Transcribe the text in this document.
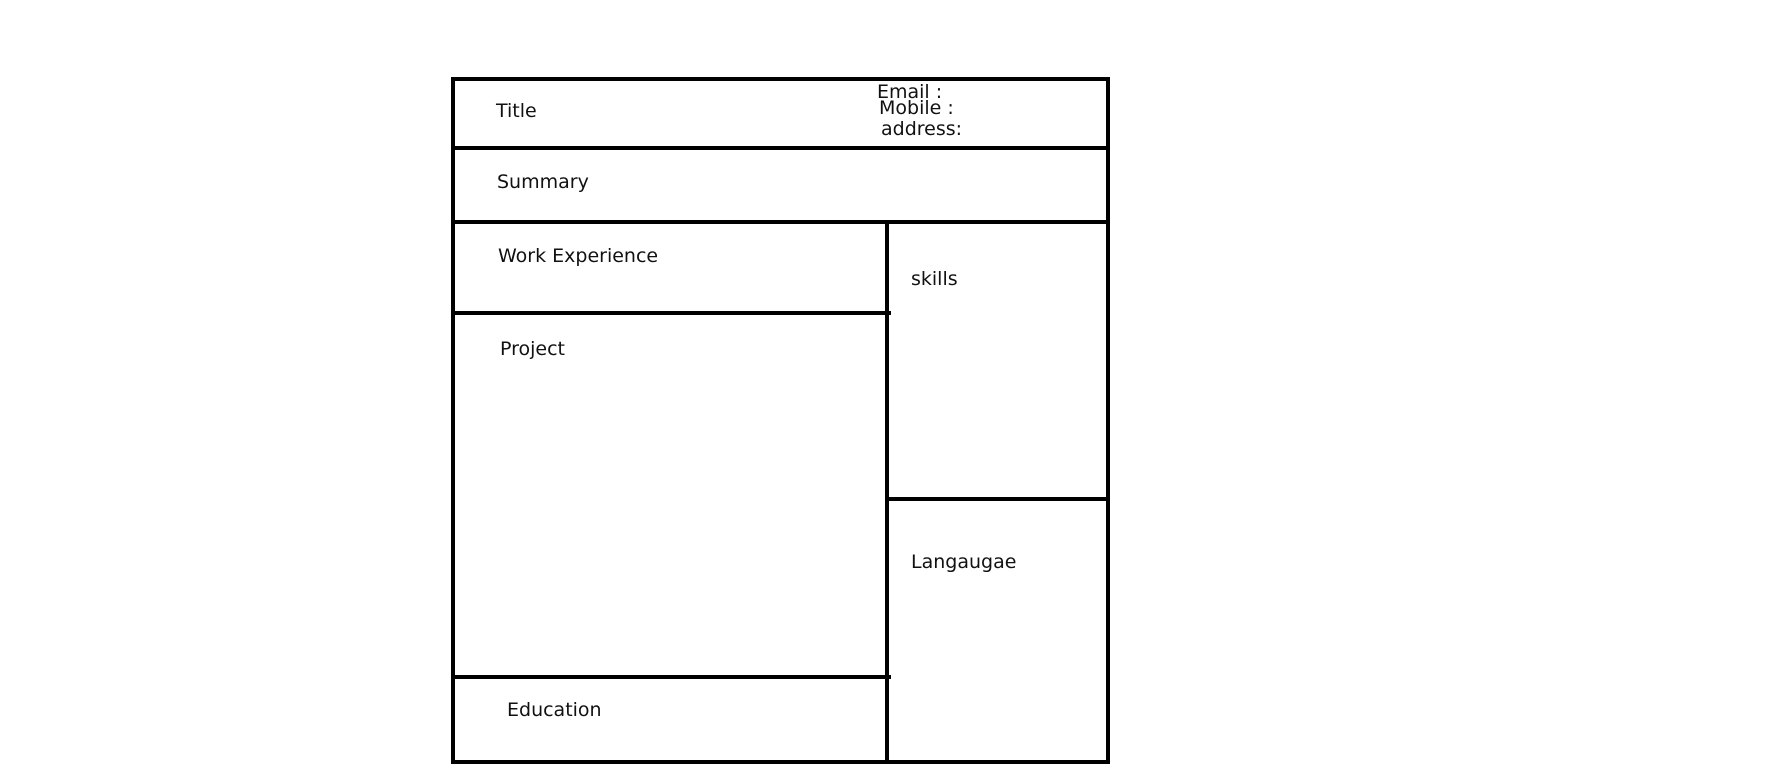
Title
Email :
Mobile :
address:
Summary
Work Experience
Project
Education
skills
Langaugae
